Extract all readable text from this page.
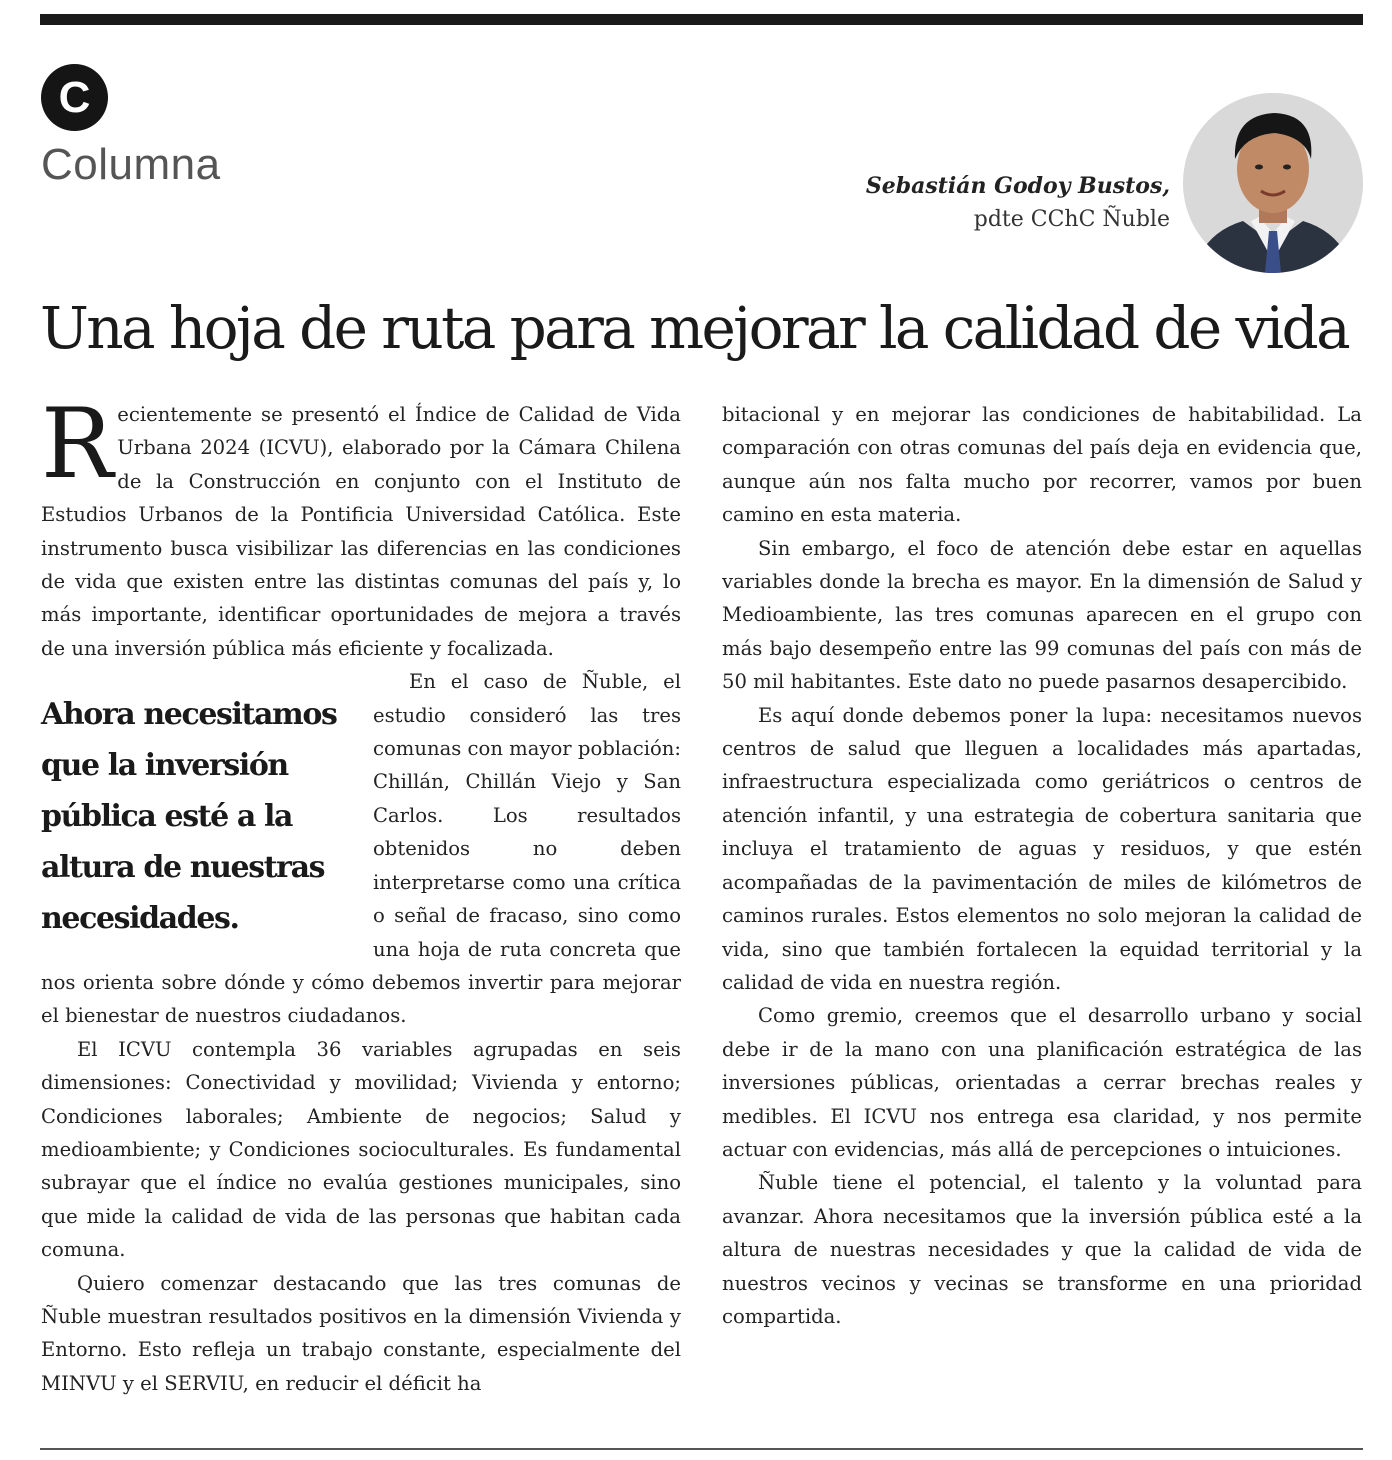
C
Columna	Sebastián Godoy Bustos,
pdte CChC Ñuble
Una hoja de ruta para mejorar la calidad de vida

Recientemente se presentó el Índice de Calidad de Vida Urbana 2024 (ICVU), elaborado por la Cámara Chilena de la Construcción en conjunto con el Instituto de Estudios Urbanos de la Pontificia Universidad Católica. Este instrumento busca visibilizar las diferencias en las condiciones de vida que existen entre las distintas comunas del país y, lo más importante, identificar oportunidades de mejora a través de una inversión pública más eficiente y focalizada.

Ahora necesitamos que la inversión pública esté a la altura de nuestras necesidades.

En el caso de Ñuble, el estudio consideró las tres comunas con mayor población: Chillán, Chillán Viejo y San Carlos. Los resultados obtenidos no deben interpretarse como una crítica o señal de fracaso, sino como una hoja de ruta concreta que nos orienta sobre dónde y cómo debemos invertir para mejorar el bienestar de nuestros ciudadanos.

El ICVU contempla 36 variables agrupadas en seis dimensiones: Conectividad y movilidad; Vivienda y entorno; Condiciones laborales; Ambiente de negocios; Salud y medioambiente; y Condiciones socioculturales. Es fundamental subrayar que el índice no evalúa gestiones municipales, sino que mide la calidad de vida de las personas que habitan cada comuna.

Quiero comenzar destacando que las tres comunas de Ñuble muestran resultados positivos en la dimensión Vivienda y Entorno. Esto refleja un trabajo constante, especialmente del MINVU y el SERVIU, en reducir el déficit ha

bitacional y en mejorar las condiciones de habitabilidad. La comparación con otras comunas del país deja en evidencia que, aunque aún nos falta mucho por recorrer, vamos por buen camino en esta materia.

Sin embargo, el foco de atención debe estar en aquellas variables donde la brecha es mayor. En la dimensión de Salud y Medioambiente, las tres comunas aparecen en el grupo con más bajo desempeño entre las 99 comunas del país con más de 50 mil habitantes. Este dato no puede pasarnos desapercibido.

Es aquí donde debemos poner la lupa: necesitamos nuevos centros de salud que lleguen a localidades más apartadas, infraestructura especializada como geriátricos o centros de atención infantil, y una estrategia de cobertura sanitaria que incluya el tratamiento de aguas y residuos, y que estén acompañadas de la pavimentación de miles de kilómetros de caminos rurales. Estos elementos no solo mejoran la calidad de vida, sino que también fortalecen la equidad territorial y la calidad de vida en nuestra región.

Como gremio, creemos que el desarrollo urbano y social debe ir de la mano con una planificación estratégica de las inversiones públicas, orientadas a cerrar brechas reales y medibles. El ICVU nos entrega esa claridad, y nos permite actuar con evidencias, más allá de percepciones o intuiciones.

Ñuble tiene el potencial, el talento y la voluntad para avanzar. Ahora necesitamos que la inversión pública esté a la altura de nuestras necesidades y que la calidad de vida de nuestros vecinos y vecinas se transforme en una prioridad compartida.
